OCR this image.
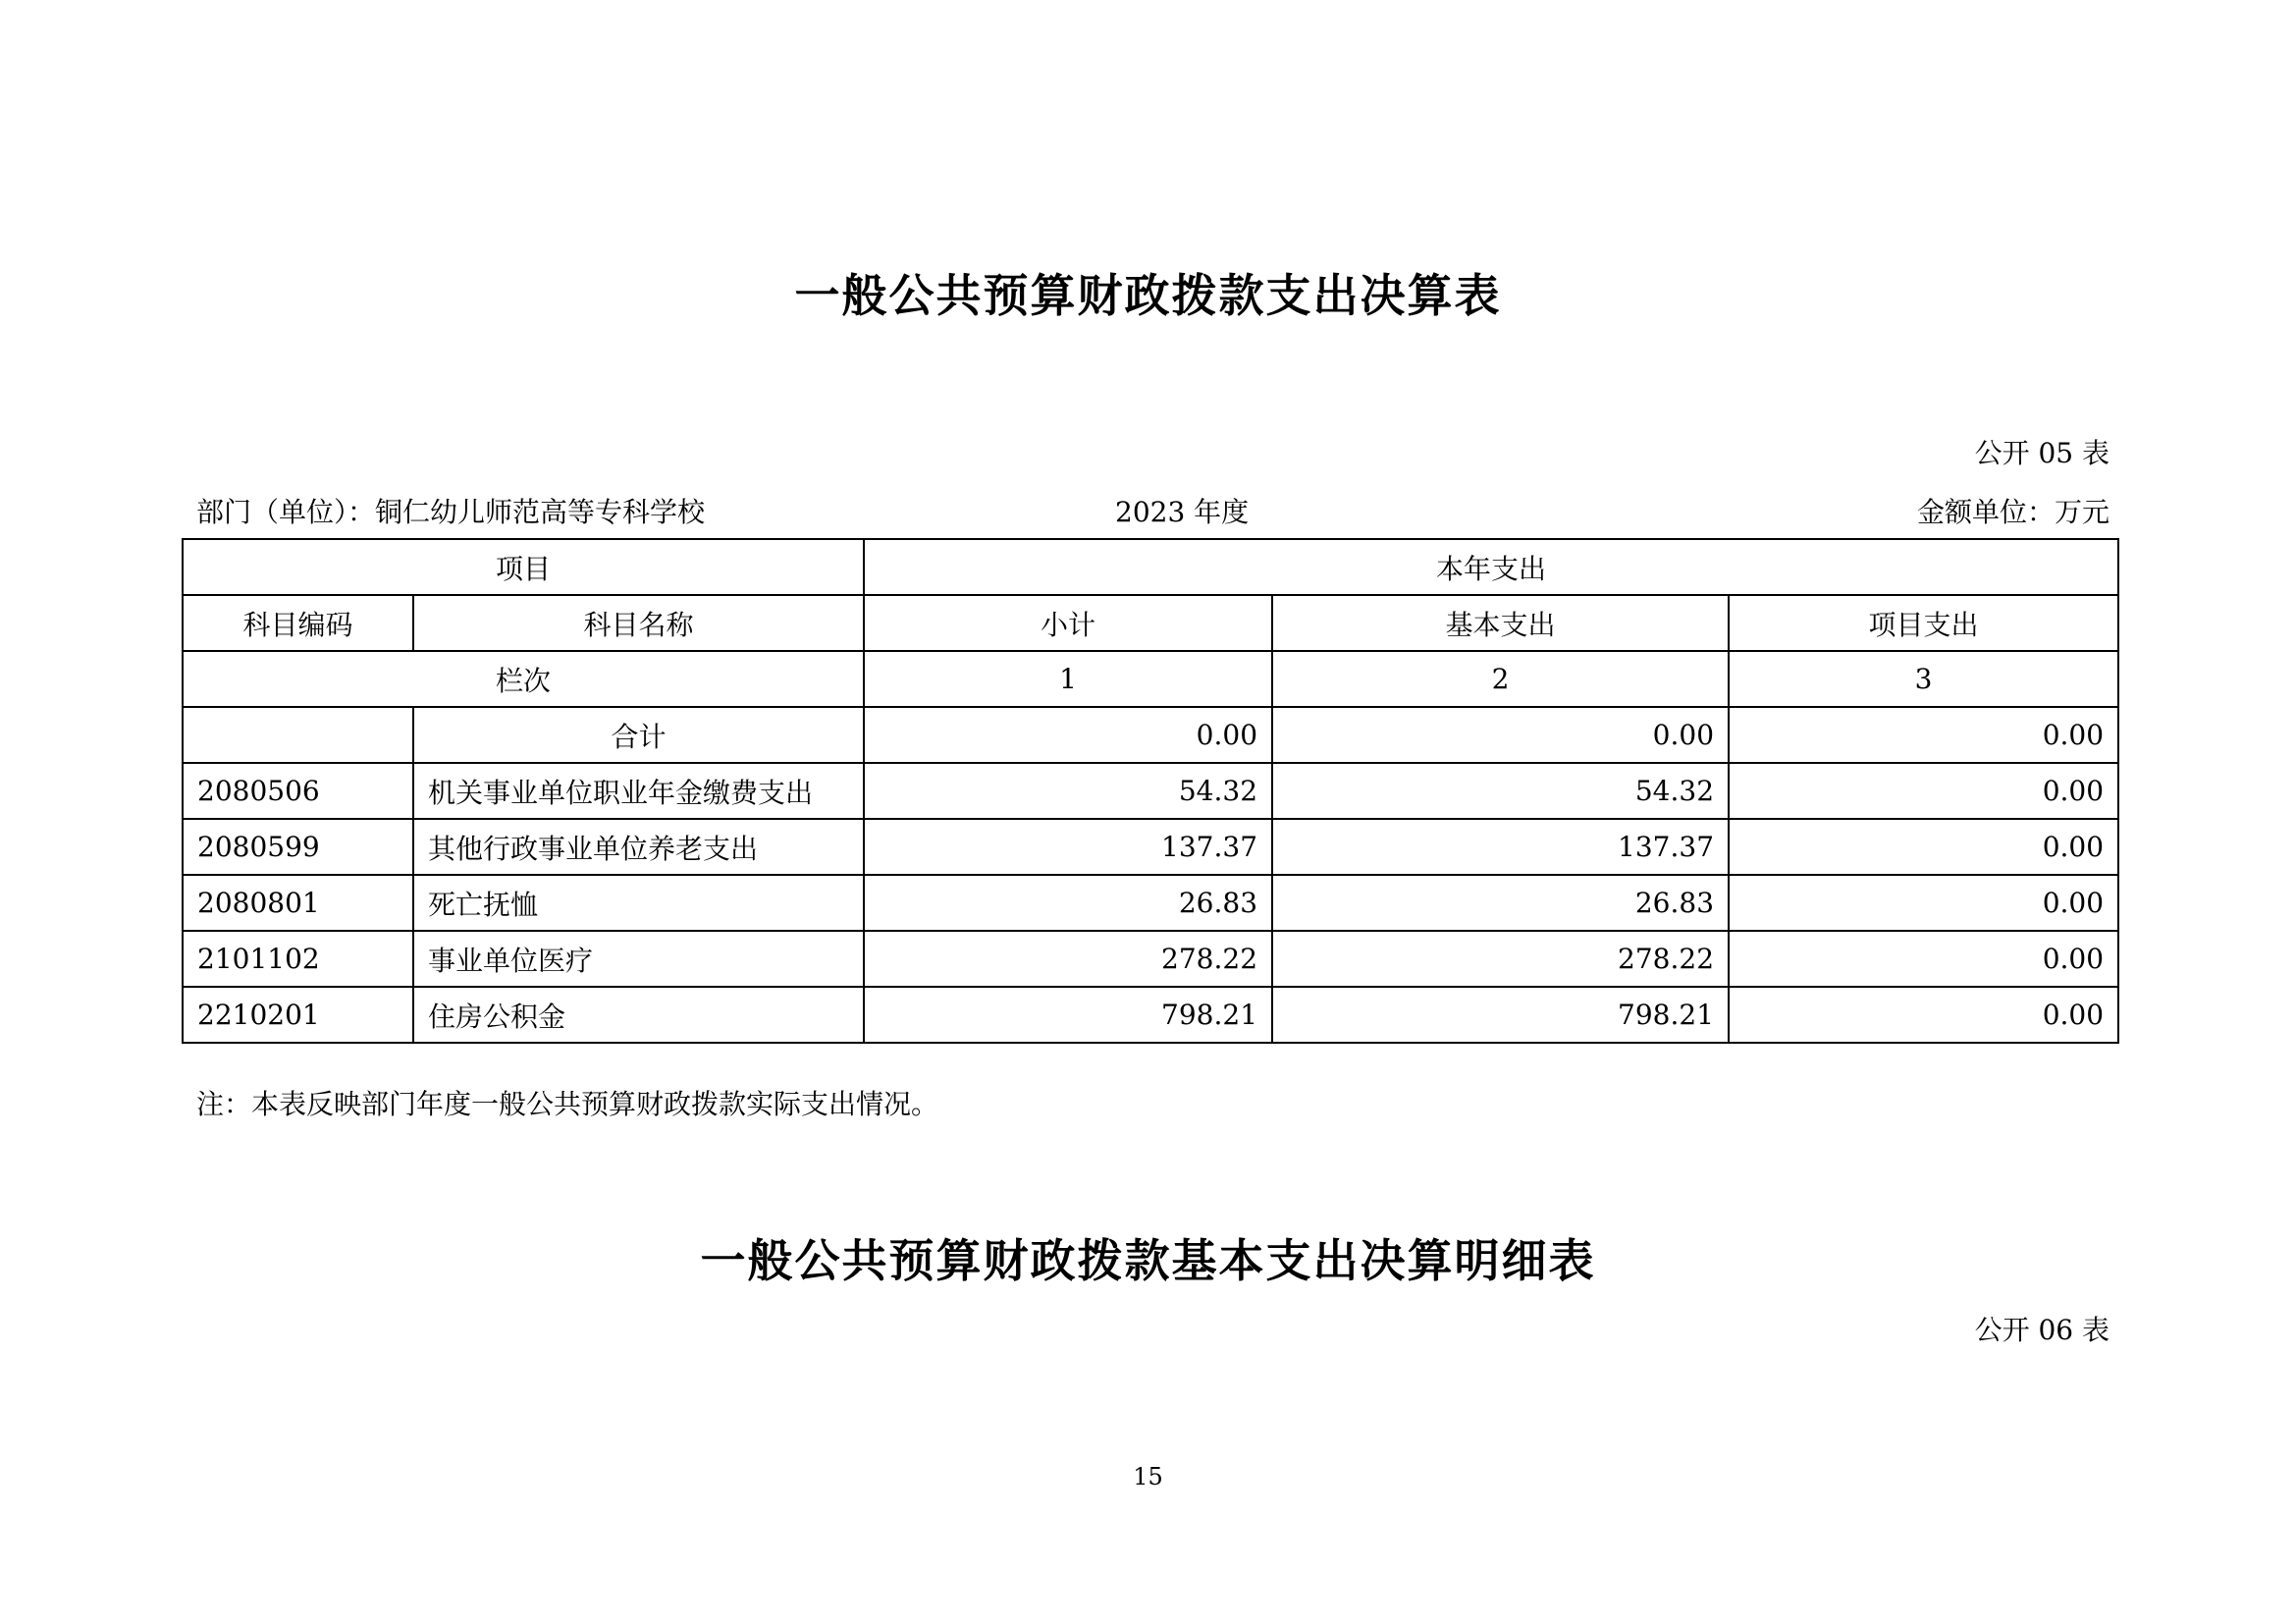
一般公共预算财政拨款支出决算表
公开 05 表
部门（单位）：铜仁幼儿师范高等专科学校	2023 年度	金额单位：万元
项目		本年支出		
科目编码	科目名称	小计	基本支出	项目支出
栏次		1	2	3
	合计	0.00	0.00	0.00
2080506	机关事业单位职业年金缴费支出	54.32	54.32	0.00
2080599	其他行政事业单位养老支出	137.37	137.37	0.00
2080801	死亡抚恤	26.83	26.83	0.00
2101102	事业单位医疗	278.22	278.22	0.00
2210201	住房公积金	798.21	798.21	0.00
注：本表反映部门年度一般公共预算财政拨款实际支出情况。
一般公共预算财政拨款基本支出决算明细表
公开 06 表
15
